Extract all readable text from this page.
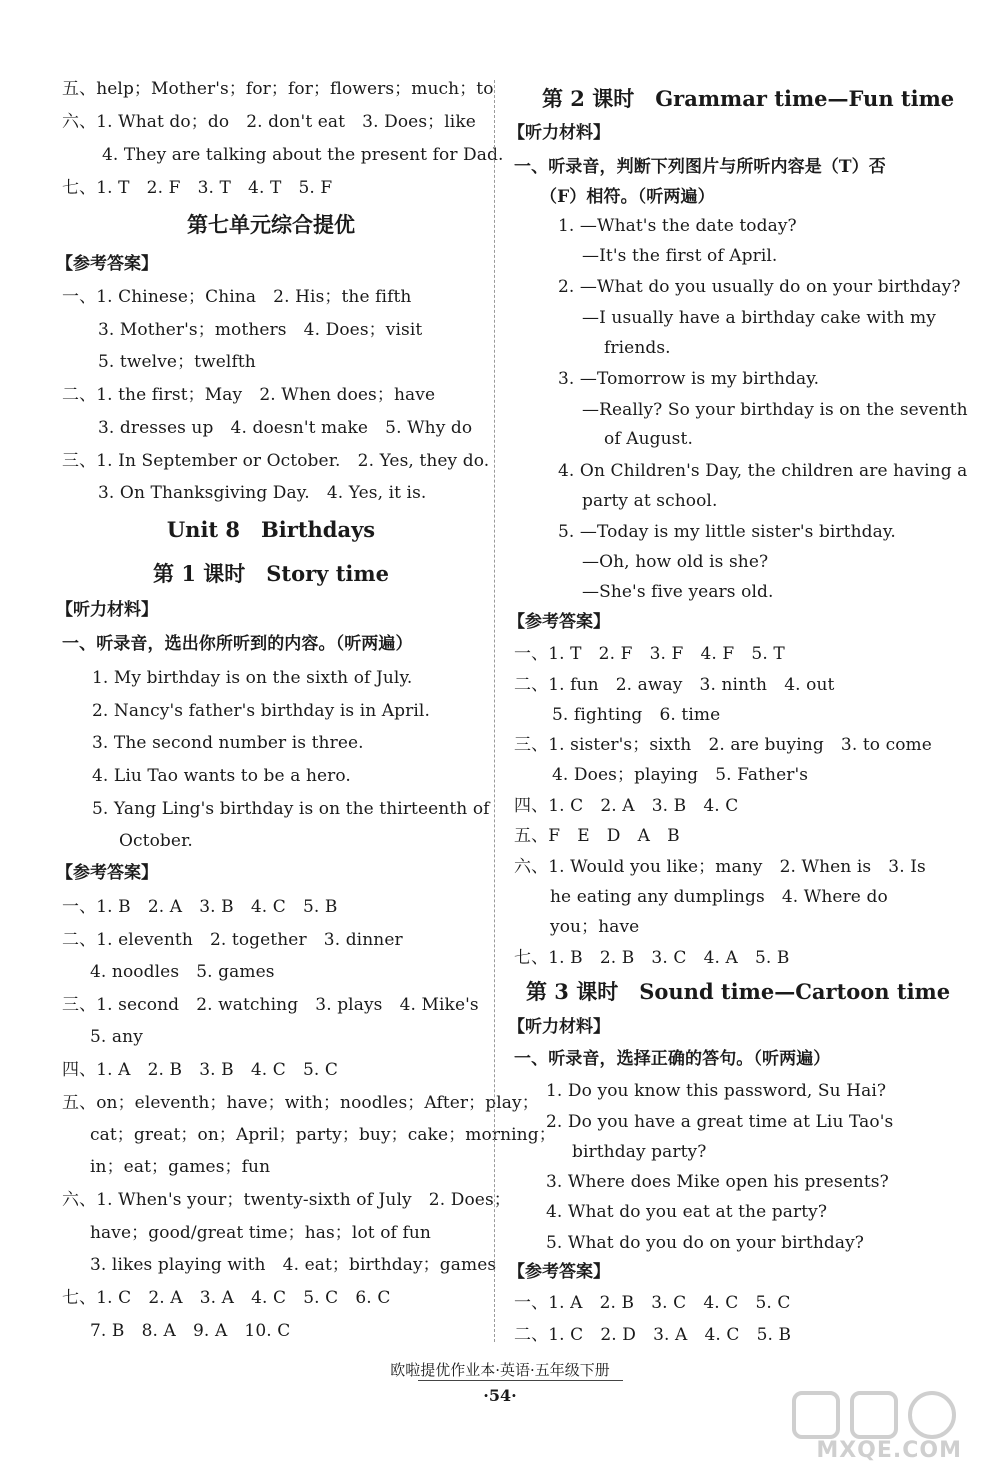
五、help；Mother's；for；for；flowers；much；to
六、1. What do；do　2. don't eat　3. Does；like
4. They are talking about the present for Dad.
七、1. T　2. F　3. T　4. T　5. F
第七单元综合提优
【参考答案】
一、1. Chinese；China　2. His；the fifth
3. Mother's；mothers　4. Does；visit
5. twelve；twelfth
二、1. the first；May　2. When does；have
3. dresses up　4. doesn't make　5. Why do
三、1. In September or October.　2. Yes, they do.
3. On Thanksgiving Day.　4. Yes, it is.
Unit 8　Birthdays
第 1 课时　Story time
【听力材料】
一、听录音，选出你所听到的内容。（听两遍）
1. My birthday is on the sixth of July.
2. Nancy's father's birthday is in April.
3. The second number is three.
4. Liu Tao wants to be a hero.
5. Yang Ling's birthday is on the thirteenth of
October.
【参考答案】
一、1. B　2. A　3. B　4. C　5. B
二、1. eleventh　2. together　3. dinner
4. noodles　5. games
三、1. second　2. watching　3. plays　4. Mike's
5. any
四、1. A　2. B　3. B　4. C　5. C
五、on；eleventh；have；with；noodles；After；play；
cat；great；on；April；party；buy；cake；morning；
in；eat；games；fun
六、1. When's your；twenty-sixth of July　2. Does；
have；good/great time；has；lot of fun
3. likes playing with　4. eat；birthday；games
七、1. C　2. A　3. A　4. C　5. C　6. C
7. B　8. A　9. A　10. C
第 2 课时　Grammar time—Fun time
【听力材料】
一、听录音，判断下列图片与所听内容是（T）否
（F）相符。（听两遍）
1. —What's the date today?
—It's the first of April.
2. —What do you usually do on your birthday?
—I usually have a birthday cake with my
friends.
3. —Tomorrow is my birthday.
—Really? So your birthday is on the seventh
of August.
4. On Children's Day, the children are having a
party at school.
5. —Today is my little sister's birthday.
—Oh, how old is she?
—She's five years old.
【参考答案】
一、1. T　2. F　3. F　4. F　5. T
二、1. fun　2. away　3. ninth　4. out
5. fighting　6. time
三、1. sister's；sixth　2. are buying　3. to come
4. Does；playing　5. Father's
四、1. C　2. A　3. B　4. C
五、F　E　D　A　B
六、1. Would you like；many　2. When is　3. Is
he eating any dumplings　4. Where do
you；have
七、1. B　2. B　3. C　4. A　5. B
第 3 课时　Sound time—Cartoon time
【听力材料】
一、听录音，选择正确的答句。（听两遍）
1. Do you know this password, Su Hai?
2. Do you have a great time at Liu Tao's
birthday party?
3. Where does Mike open his presents?
4. What do you eat at the party?
5. What do you do on your birthday?
【参考答案】
一、1. A　2. B　3. C　4. C　5. C
二、1. C　2. D　3. A　4. C　5. B
欧啦提优作业本·英语·五年级下册
·54·
MXQE.COM
